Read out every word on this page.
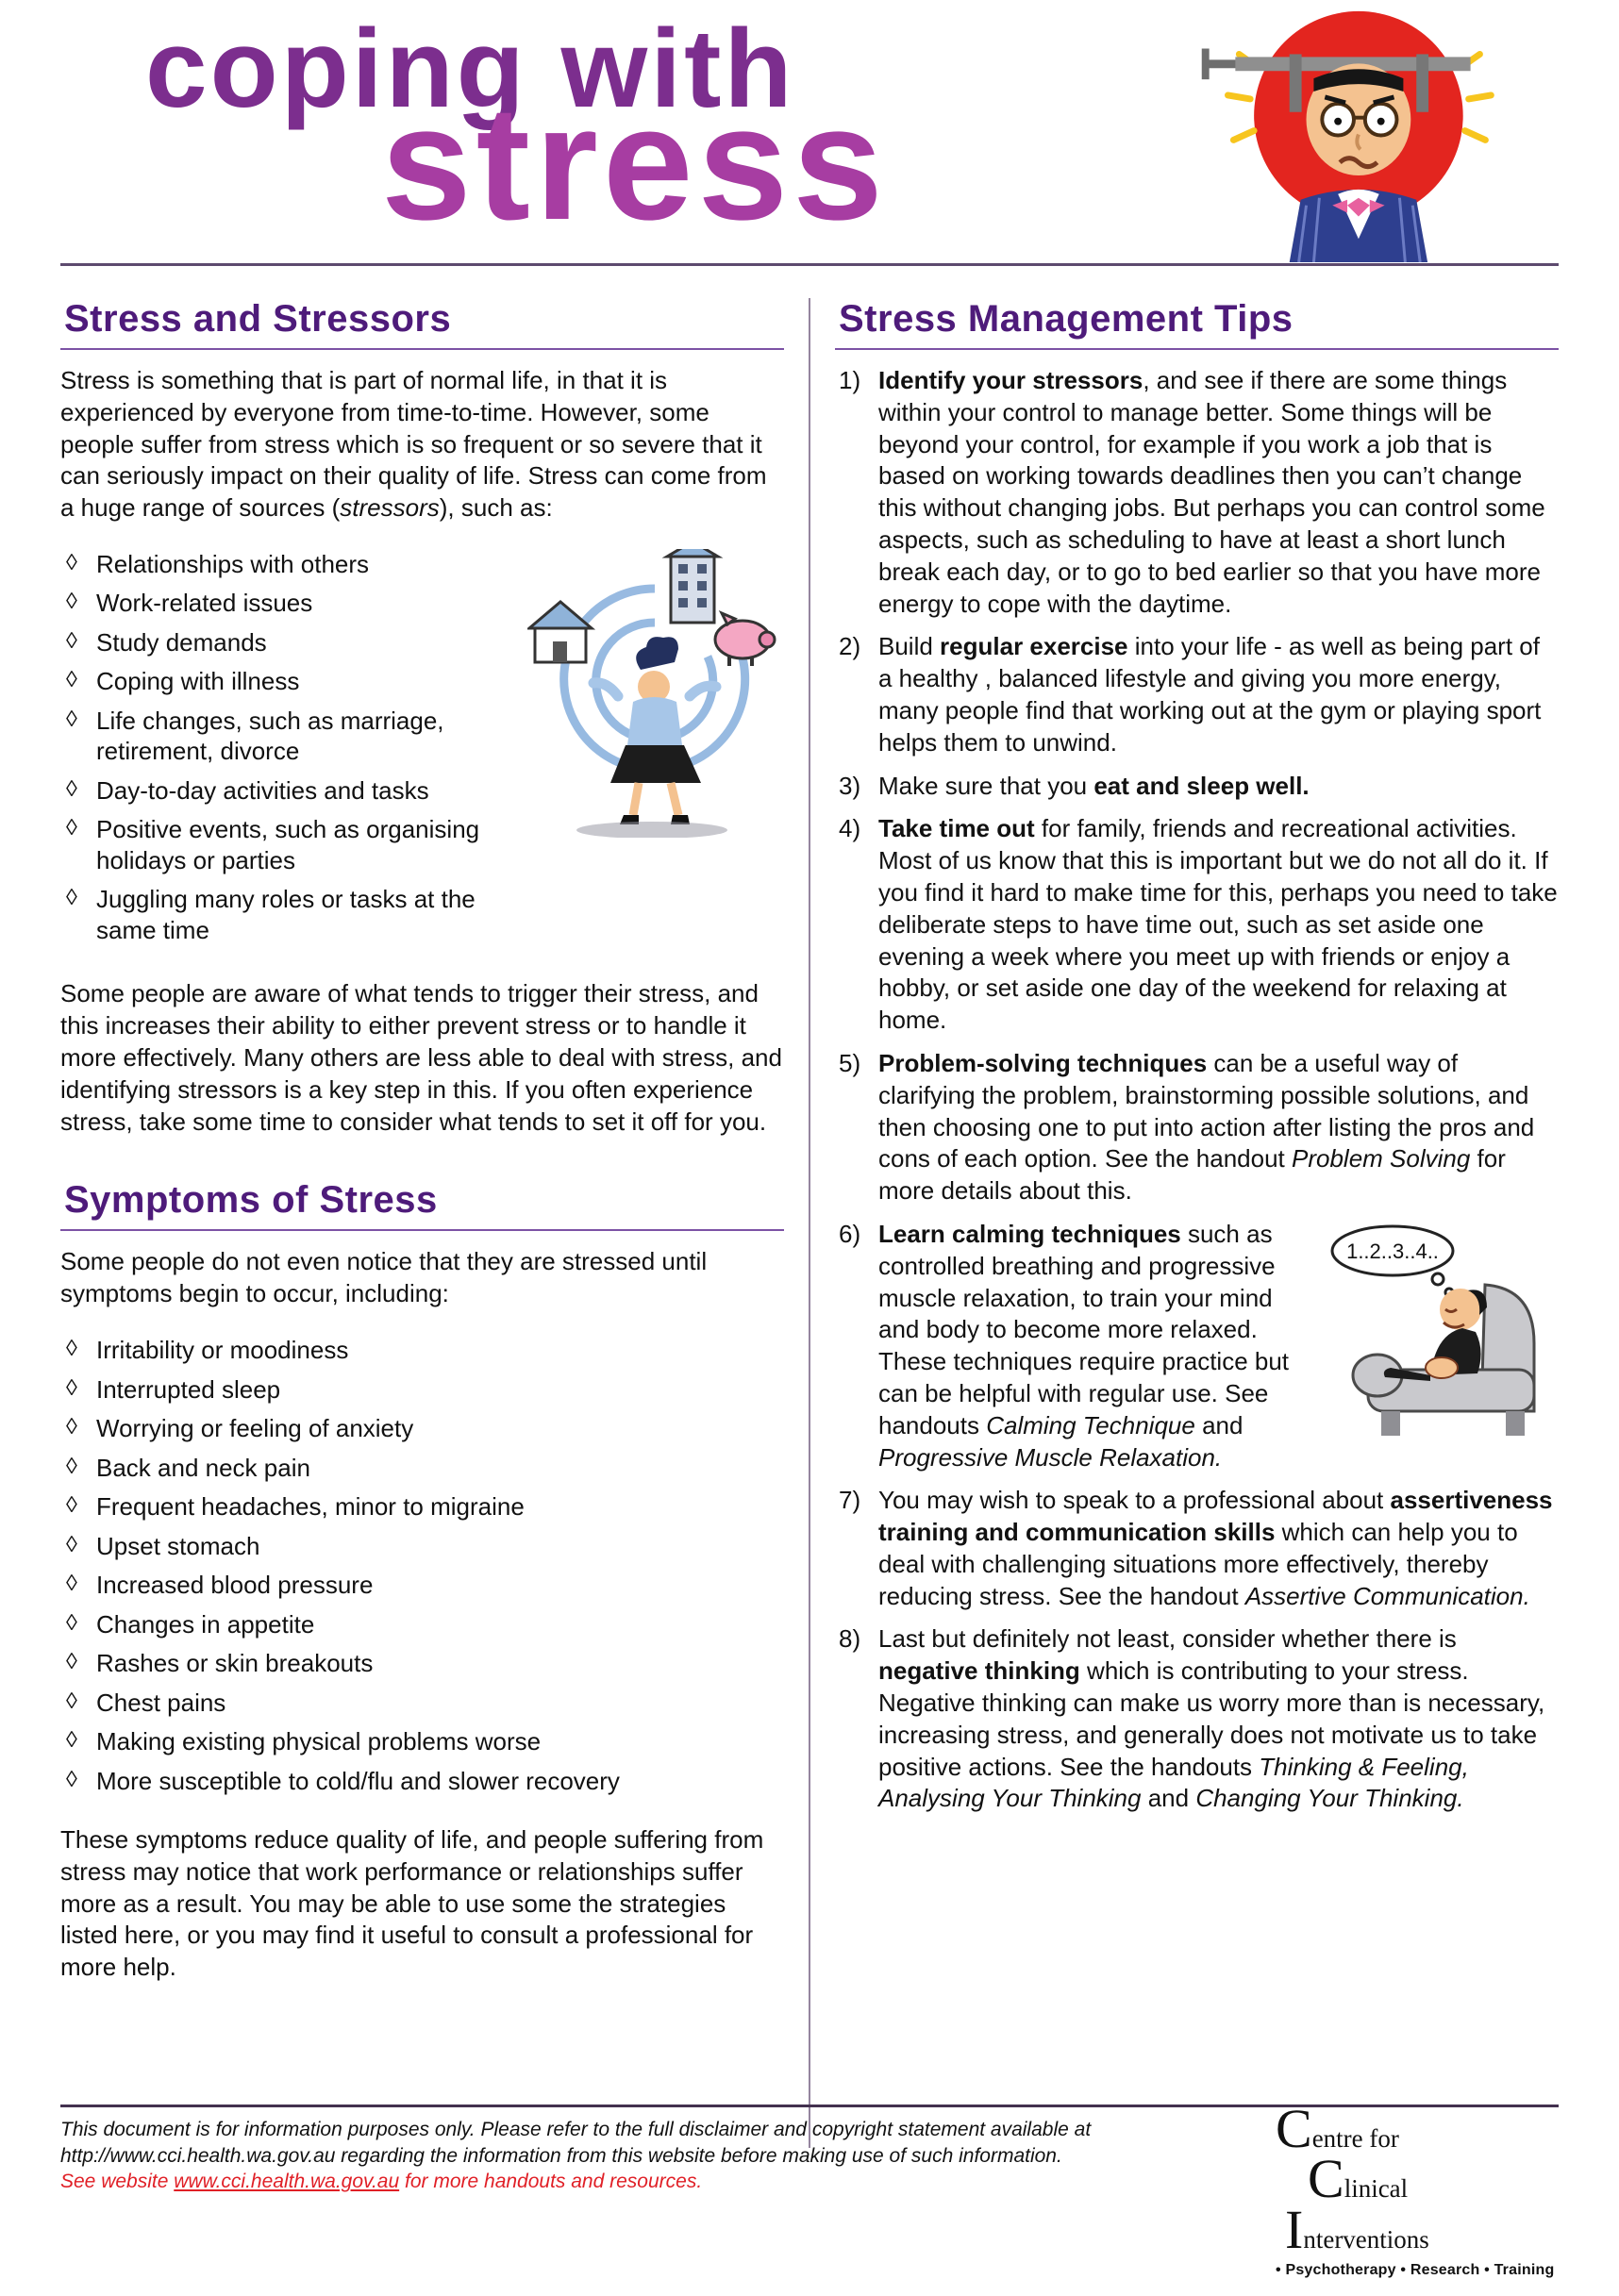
coping with
stress
Stress and Stressors

Stress is something that is part of normal life, in that it is experienced by everyone from time-to-time. However, some people suffer from stress which is so frequent or so severe that it can seriously impact on their quality of life. Stress can come from a huge range of sources (stressors), such as:

◊ Relationships with others
◊ Work-related issues
◊ Study demands
◊ Coping with illness
◊ Life changes, such as marriage, retirement, divorce
◊ Day-to-day activities and tasks
◊ Positive events, such as organising holidays or parties
◊ Juggling many roles or tasks at the same time

Some people are aware of what tends to trigger their stress, and this increases their ability to either prevent stress or to handle it more effectively. Many others are less able to deal with stress, and identifying stressors is a key step in this. If you often experience stress, take some time to consider what tends to set it off for you.

Symptoms of Stress

Some people do not even notice that they are stressed until symptoms begin to occur, including:

◊ Irritability or moodiness
◊ Interrupted sleep
◊ Worrying or feeling of anxiety
◊ Back and neck pain
◊ Frequent headaches, minor to migraine
◊ Upset stomach
◊ Increased blood pressure
◊ Changes in appetite
◊ Rashes or skin breakouts
◊ Chest pains
◊ Making existing physical problems worse
◊ More susceptible to cold/flu and slower recovery

These symptoms reduce quality of life, and people suffering from stress may notice that work performance or relationships suffer more as a result. You may be able to use some the strategies listed here, or you may find it useful to consult a professional for more help.

Stress Management Tips
1) Identify your stressors, and see if there are some things within your control to manage better. Some things will be beyond your control, for example if you work a job that is based on working towards deadlines then you can’t change this without changing jobs. But perhaps you can control some aspects, such as scheduling to have at least a short lunch break each day, or to go to bed earlier so that you have more energy to cope with the daytime.
2) Build regular exercise into your life - as well as being part of a healthy , balanced lifestyle and giving you more energy, many people find that working out at the gym or playing sport helps them to unwind.
3) Make sure that you eat and sleep well.
4) Take time out for family, friends and recreational activities. Most of us know that this is important but we do not all do it. If you find it hard to make time for this, perhaps you need to take deliberate steps to have time out, such as set aside one evening a week where you meet up with friends or enjoy a hobby, or set aside one day of the weekend for relaxing at home.
5) Problem-solving techniques can be a useful way of clarifying the problem, brainstorming possible solutions, and then choosing one to put into action after listing the pros and cons of each option. See the handout Problem Solving for more details about this.
6)
1..2..3..4..
Learn calming techniques such as controlled breathing and progressive muscle relaxation, to train your mind and body to become more relaxed. These techniques require practice but can be helpful with regular use. See handouts Calming Technique and Progressive Muscle Relaxation.
7) You may wish to speak to a professional about assertiveness training and communication skills which can help you to deal with challenging situations more effectively, thereby reducing stress. See the handout Assertive Communication.
8) Last but definitely not least, consider whether there is negative thinking which is contributing to your stress. Negative thinking can make us worry more than is necessary, increasing stress, and generally does not motivate us to take positive actions. See the handouts Thinking & Feeling, Analysing Your Thinking and Changing Your Thinking.

This document is for information purposes only. Please refer to the full disclaimer and copyright statement available at http://www.cci.health.wa.gov.au regarding the information from this website before making use of such information.

See website www.cci.health.wa.gov.au for more handouts and resources.

Centre for
Clinical
Interventions
• Psychotherapy • Research • Training
